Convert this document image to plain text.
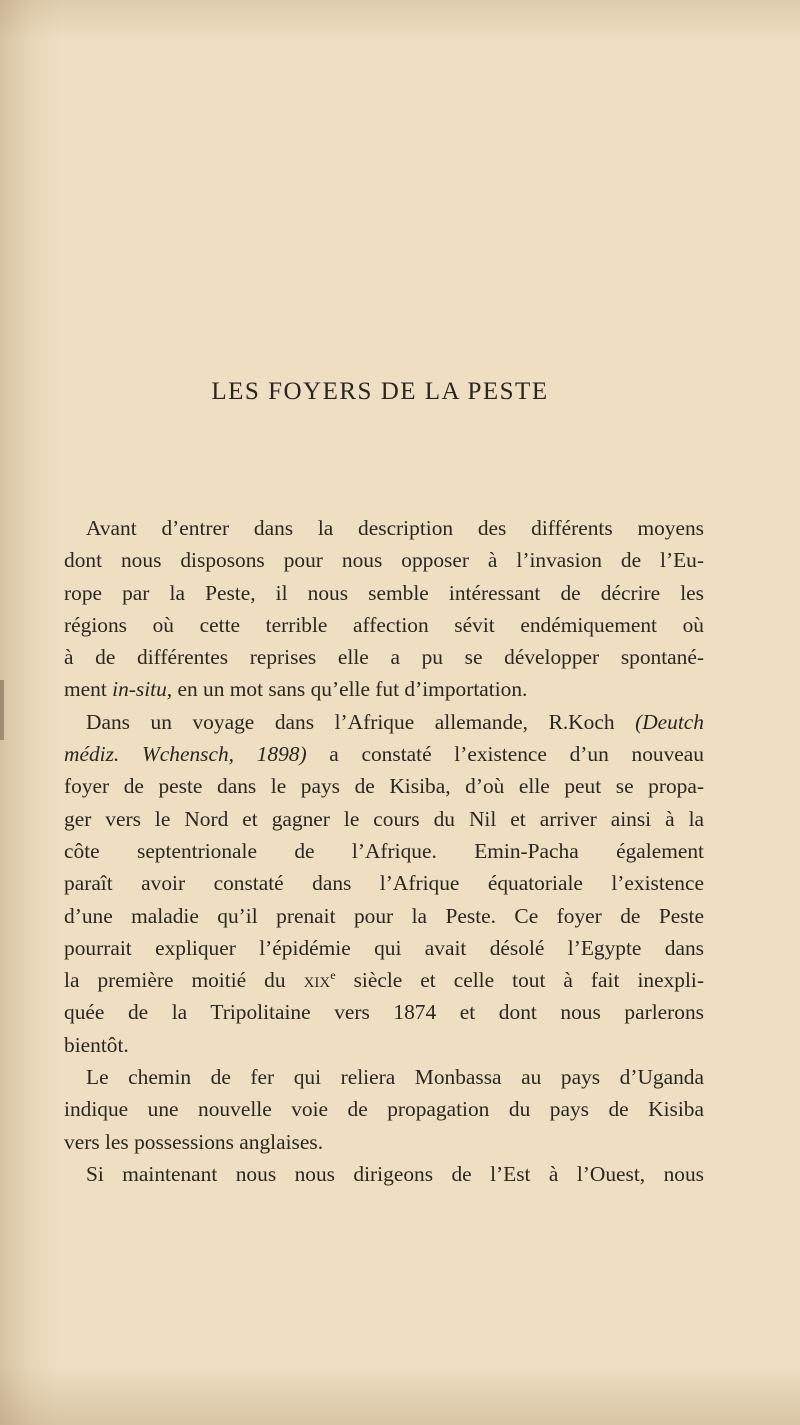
LES FOYERS DE LA PESTE
Avant d’entrer dans la description des différents moyens
dont nous disposons pour nous opposer à l’invasion de l’Eu-
rope par la Peste, il nous semble intéressant de décrire les
régions où cette terrible affection sévit endémiquement où
à de différentes reprises elle a pu se développer spontané-
ment in-situ, en un mot sans qu’elle fut d’importation.
Dans un voyage dans l’Afrique allemande, R.Koch (Deutch
médiz. Wchensch, 1898) a constaté l’existence d’un nouveau
foyer de peste dans le pays de Kisiba, d’où elle peut se propa-
ger vers le Nord et gagner le cours du Nil et arriver ainsi à la
côte septentrionale de l’Afrique. Emin-Pacha également
paraît avoir constaté dans l’Afrique équatoriale l’existence
d’une maladie qu’il prenait pour la Peste. Ce foyer de Peste
pourrait expliquer l’épidémie qui avait désolé l’Egypte dans
la première moitié du xix$^e$ siècle et celle tout à fait inexpli-
quée de la Tripolitaine vers 1874 et dont nous parlerons
bientôt.
Le chemin de fer qui reliera Monbassa au pays d’Uganda
indique une nouvelle voie de propagation du pays de Kisiba
vers les possessions anglaises.
Si maintenant nous nous dirigeons de l’Est à l’Ouest, nous
